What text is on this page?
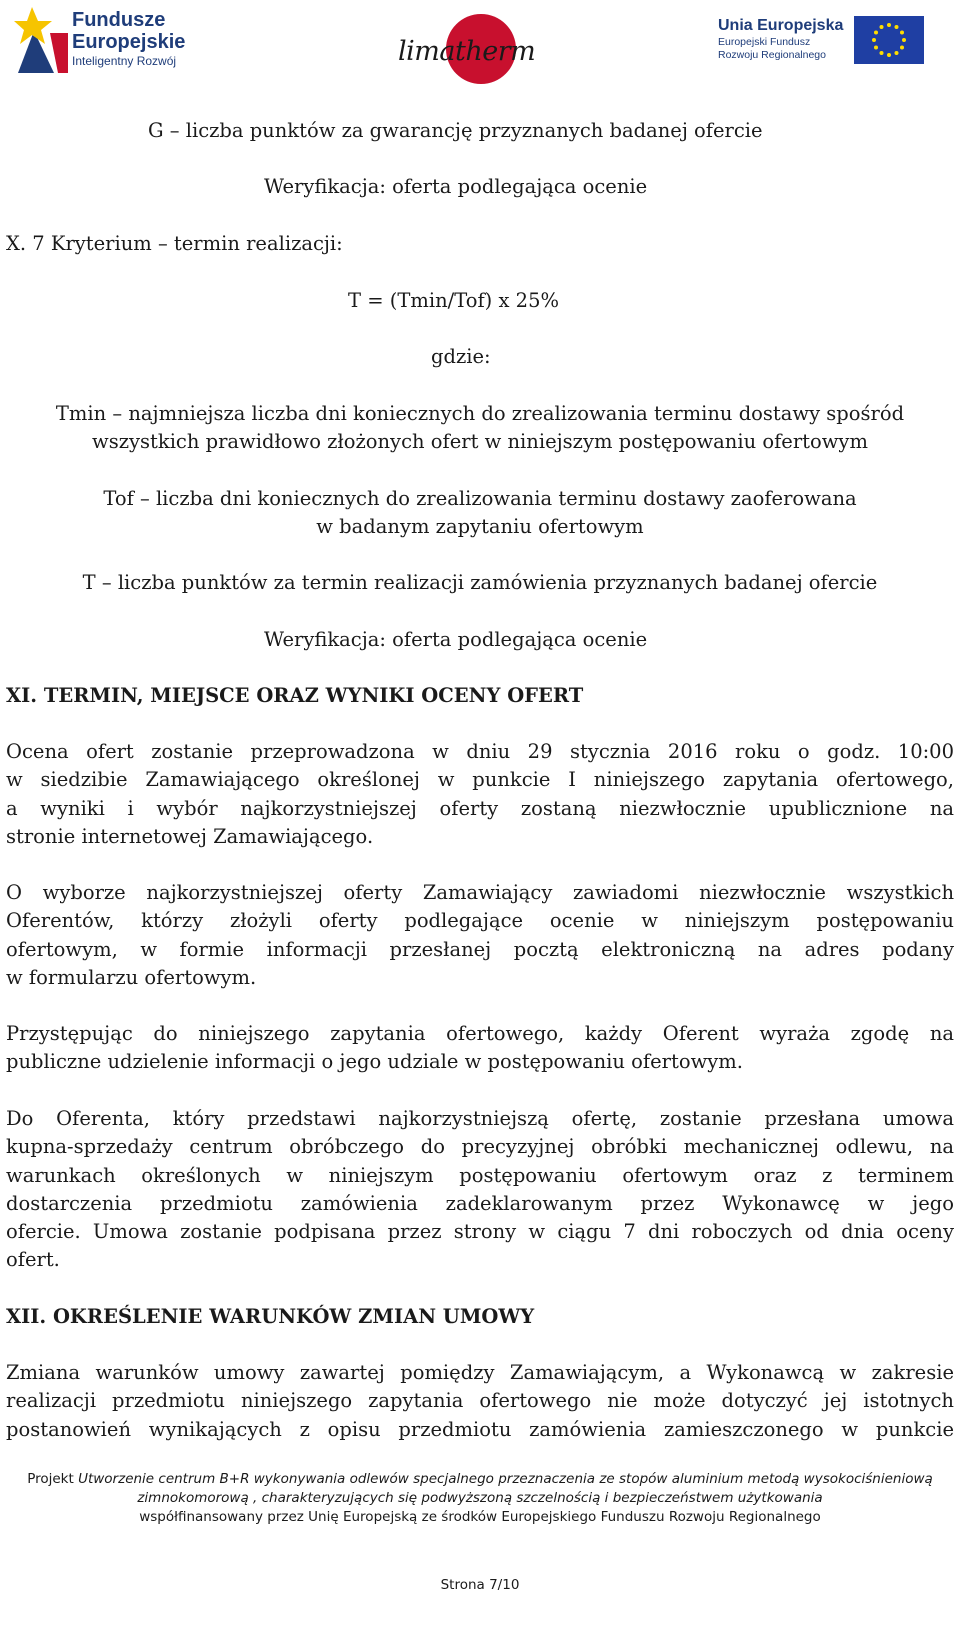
Fundusze
Europejskie
Inteligentny Rozwój	limatherm
Unia Europejska
Europejski Fundusz
Rozwoju Regionalnego
G – liczba punktów za gwarancję przyznanych badanej ofercie
Weryfikacja: oferta podlegająca ocenie
X. 7 Kryterium – termin realizacji:
T = (Tmin/Tof) x 25%
gdzie:
Tmin – najmniejsza liczba dni koniecznych do zrealizowania terminu dostawy spośród
wszystkich prawidłowo złożonych ofert w niniejszym postępowaniu ofertowym
Tof – liczba dni koniecznych do zrealizowania terminu dostawy zaoferowana
w badanym zapytaniu ofertowym
T – liczba punktów za termin realizacji zamówienia przyznanych badanej ofercie
Weryfikacja: oferta podlegająca ocenie
XI. TERMIN, MIEJSCE ORAZ WYNIKI OCENY OFERT
Ocena ofert zostanie przeprowadzona w dniu 29 stycznia 2016 roku o godz. 10:00
w siedzibie Zamawiającego określonej w punkcie I niniejszego zapytania ofertowego,
a wyniki i wybór najkorzystniejszej oferty zostaną niezwłocznie upublicznione na
stronie internetowej Zamawiającego.
O wyborze najkorzystniejszej oferty Zamawiający zawiadomi niezwłocznie wszystkich
Oferentów, którzy złożyli oferty podlegające ocenie w niniejszym postępowaniu
ofertowym, w formie informacji przesłanej pocztą elektroniczną na adres podany
w formularzu ofertowym.
Przystępując do niniejszego zapytania ofertowego, każdy Oferent wyraża zgodę na
publiczne udzielenie informacji o jego udziale w postępowaniu ofertowym.
Do Oferenta, który przedstawi najkorzystniejszą ofertę, zostanie przesłana umowa
kupna-sprzedaży centrum obróbczego do precyzyjnej obróbki mechanicznej odlewu, na
warunkach określonych w niniejszym postępowaniu ofertowym oraz z terminem
dostarczenia przedmiotu zamówienia zadeklarowanym przez Wykonawcę w jego
ofercie. Umowa zostanie podpisana przez strony w ciągu 7 dni roboczych od dnia oceny
ofert.
XII. OKREŚLENIE WARUNKÓW ZMIAN UMOWY
Zmiana warunków umowy zawartej pomiędzy Zamawiającym, a Wykonawcą w zakresie
realizacji przedmiotu niniejszego zapytania ofertowego nie może dotyczyć jej istotnych
postanowień wynikających z opisu przedmiotu zamówienia zamieszczonego w punkcie
Projekt Utworzenie centrum B+R wykonywania odlewów specjalnego przeznaczenia ze stopów aluminium metodą wysokociśnieniową
zimnokomorową , charakteryzujących się podwyższoną szczelnością i bezpieczeństwem użytkowania
współfinansowany przez Unię Europejską ze środków Europejskiego Funduszu Rozwoju Regionalnego
Strona 7/10
